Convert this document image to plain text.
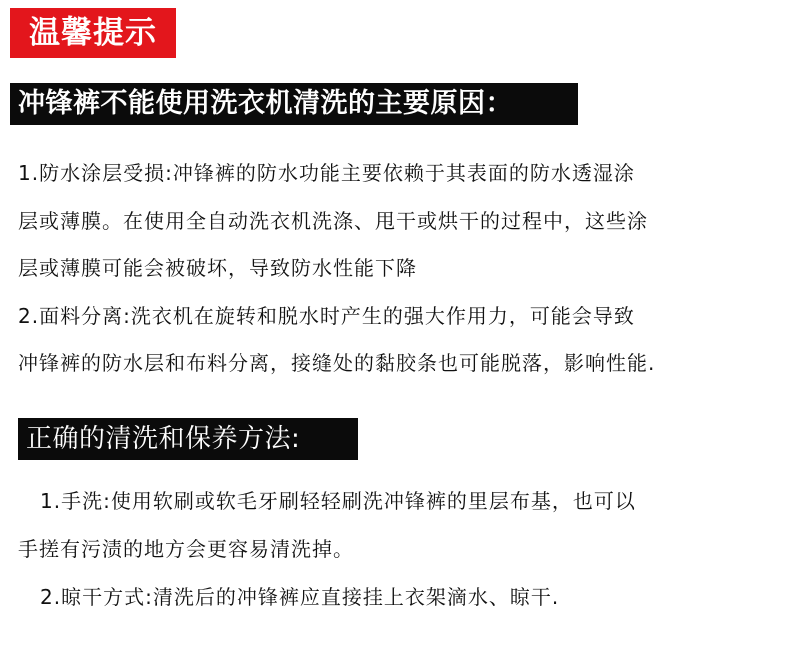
温馨提示
冲锋裤不能使用洗衣机清洗的主要原因：
1.防水涂层受损:冲锋裤的防水功能主要依赖于其表面的防水透湿涂
层或薄膜。在使用全自动洗衣机洗涤、甩干或烘干的过程中，这些涂
层或薄膜可能会被破坏，导致防水性能下降
2.面料分离:洗衣机在旋转和脱水时产生的强大作用力，可能会导致
冲锋裤的防水层和布料分离，接缝处的黏胶条也可能脱落，影响性能.
正确的清洗和保养方法:
1.手洗:使用软刷或软毛牙刷轻轻刷洗冲锋裤的里层布基，也可以
手搓有污渍的地方会更容易清洗掉。
2.晾干方式:清洗后的冲锋裤应直接挂上衣架滴水、晾干.
